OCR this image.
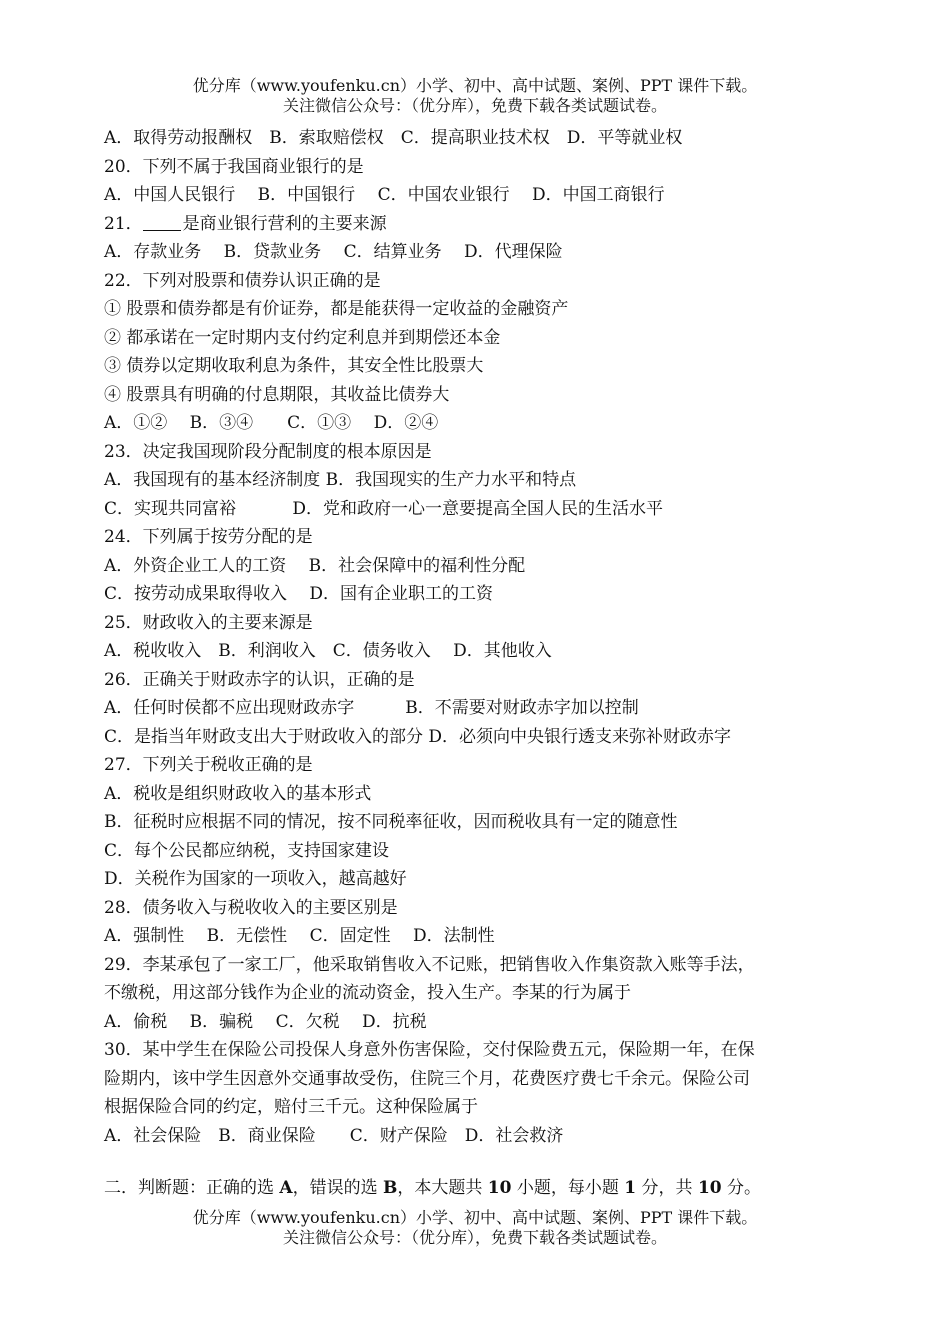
优分库（www.youfenku.cn）小学、初中、高中试题、案例、PPT 课件下载。
关注微信公众号：（优分库），免费下载各类试题试卷。
A．取得劳动报酬权　B．索取赔偿权　C．提高职业技术权　D．平等就业权
20．下列不属于我国商业银行的是
A．中国人民银行　 B．中国银行　 C．中国农业银行　 D．中国工商银行
21． 是商业银行营利的主要来源
A．存款业务　 B．贷款业务　 C．结算业务　 D．代理保险
22．下列对股票和债券认识正确的是
① 股票和债券都是有价证券，都是能获得一定收益的金融资产
② 都承诺在一定时期内支付约定利息并到期偿还本金
③ 债券以定期收取利息为条件，其安全性比股票大
④ 股票具有明确的付息期限，其收益比债券大
A．①②　 B．③④　　C．①③　 D．②④
23．决定我国现阶段分配制度的根本原因是
A．我国现有的基本经济制度 B．我国现实的生产力水平和特点
C．实现共同富裕　　　 D．党和政府一心一意要提高全国人民的生活水平
24．下列属于按劳分配的是
A．外资企业工人的工资　 B．社会保障中的福利性分配
C．按劳动成果取得收入　 D．国有企业职工的工资
25．财政收入的主要来源是
A．税收收入　B．利润收入　C．债务收入　 D．其他收入
26．正确关于财政赤字的认识，正确的是
A．任何时侯都不应出现财政赤字　　　B．不需要对财政赤字加以控制
C．是指当年财政支出大于财政收入的部分 D．必须向中央银行透支来弥补财政赤字
27．下列关于税收正确的是
A．税收是组织财政收入的基本形式
B．征税时应根据不同的情况，按不同税率征收，因而税收具有一定的随意性
C．每个公民都应纳税，支持国家建设
D．关税作为国家的一项收入，越高越好
28．债务收入与税收收入的主要区别是
A．强制性　 B．无偿性　 C．固定性　 D．法制性
29．李某承包了一家工厂，他采取销售收入不记账，把销售收入作集资款入账等手法，
不缴税，用这部分钱作为企业的流动资金，投入生产。李某的行为属于
A．偷税　 B．骗税　 C．欠税　 D．抗税
30．某中学生在保险公司投保人身意外伤害保险，交付保险费五元，保险期一年，在保
险期内，该中学生因意外交通事故受伤，住院三个月，花费医疗费七千余元。保险公司
根据保险合同的约定，赔付三千元。这种保险属于
A．社会保险　B．商业保险　　C．财产保险　D．社会救济
二．判断题：正确的选 A，错误的选 B，本大题共 10 小题，每小题 1 分，共 10 分。
优分库（www.youfenku.cn）小学、初中、高中试题、案例、PPT 课件下载。
关注微信公众号：（优分库），免费下载各类试题试卷。
